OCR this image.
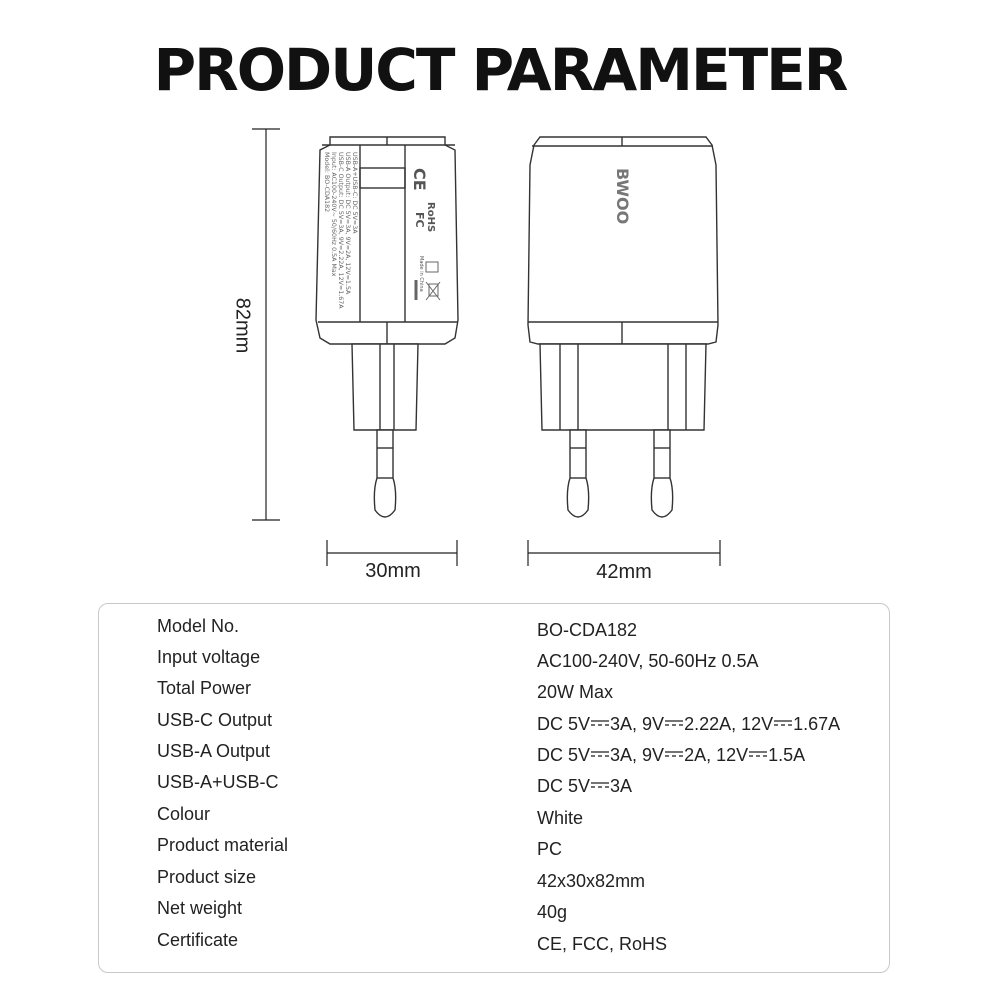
PRODUCT PARAMETER
Model: BO-CDA182 Input: AC100-240V~ 50/60Hz 0.5A Max USB-C Output: DC 5V=3A, 9V=2.22A, 12V=1.67A USB-A Output: DC 5V=3A, 9V=2A, 12V=1.5A USB-A+USB-C: DC 5V=3A	CE
FC RoHS
Made in China
BWOO
82mm
30mm	42mm
Model No.	BO-CDA182
Input voltage	AC100-240V, 50-60Hz 0.5A
Total Power	20W Max
USB-C Output	DC 5V 3A, 9V 2.22A, 12V 1.67A
USB-A Output	DC 5V 3A, 9V 2A, 12V 1.5A
USB-A+USB-C	DC 5V 3A
Colour	White
Product material	PC
Product size	42x30x82mm
Net weight	40g
Certificate	CE, FCC, RoHS
